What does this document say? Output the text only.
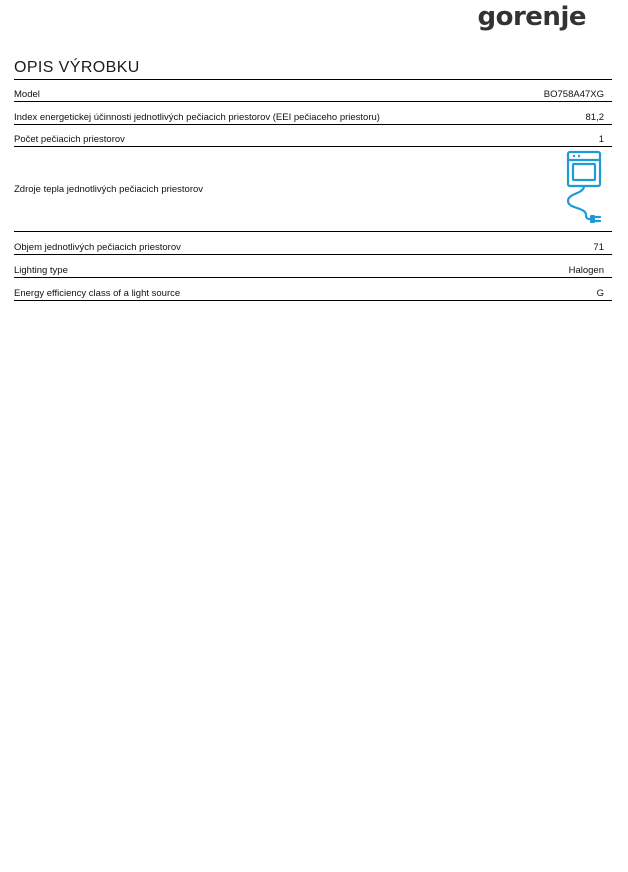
gorenje
OPIS VÝROBKU
Model	BO758A47XG
Index energetickej účinnosti jednotlivých pečiacich priestorov (EEI pečiaceho priestoru)	81,2
Počet pečiacich priestorov	1
Zdroje tepla jednotlivých pečiacich priestorov
Objem jednotlivých pečiacich priestorov	71
Lighting type	Halogen
Energy efficiency class of a light source	G
